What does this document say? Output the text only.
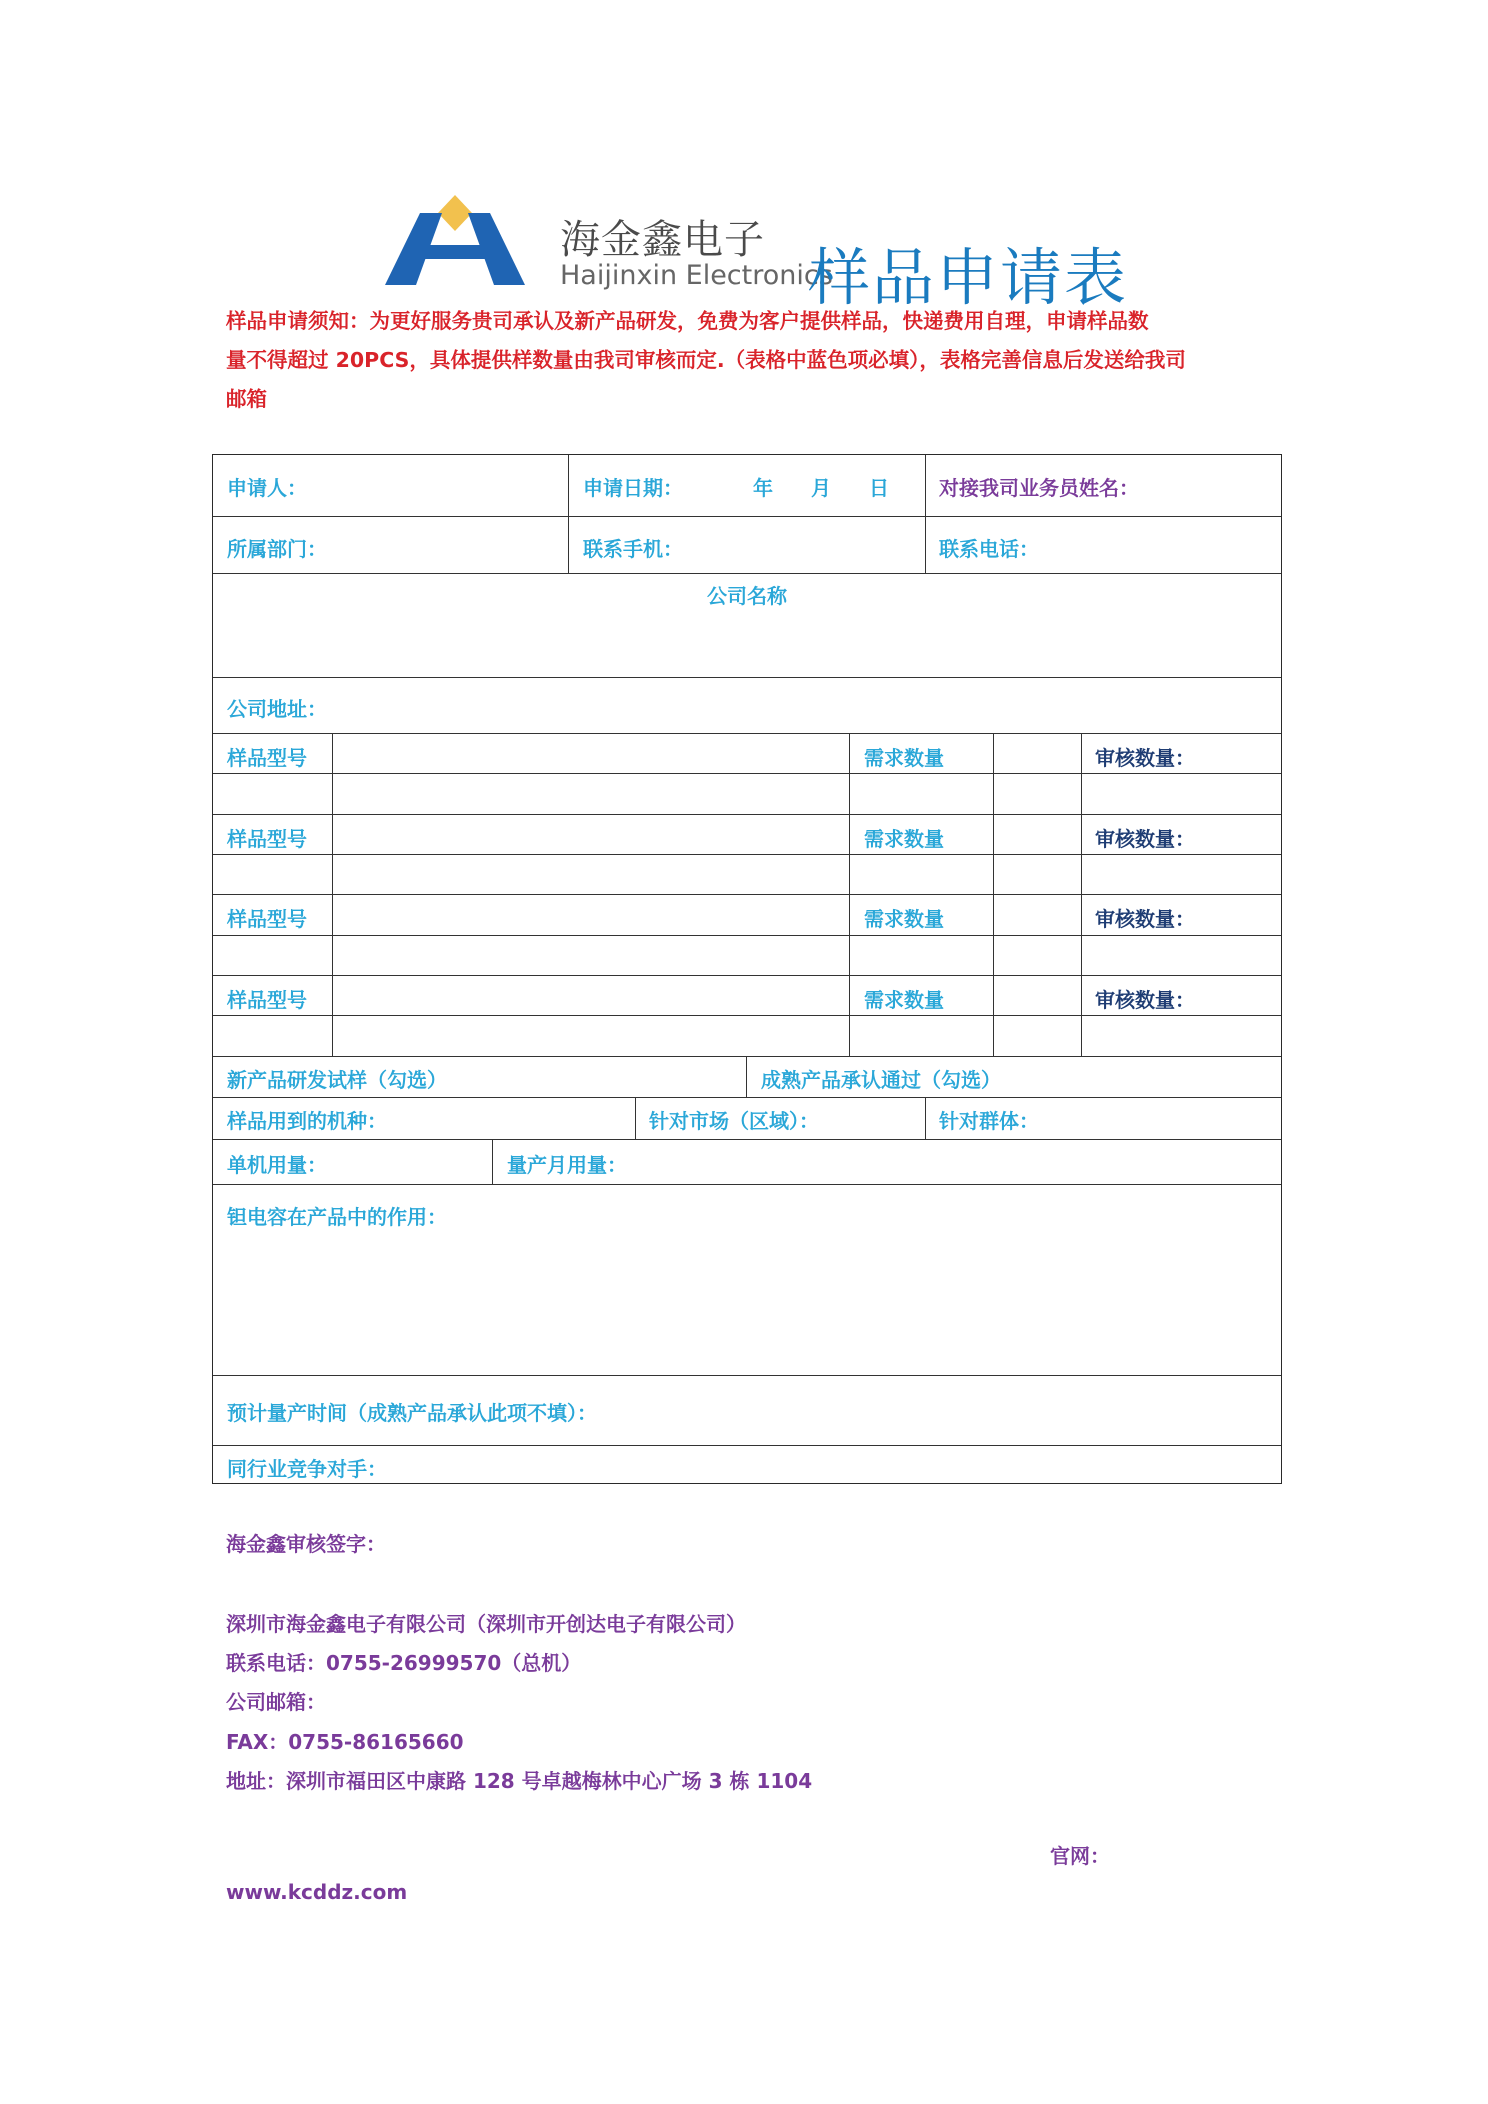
海金鑫电子
Haijinxin Electronics
样品申请表
样品申请须知：为更好服务贵司承认及新产品研发，免费为客户提供样品，快递费用自理，申请样品数
量不得超过 20PCS，具体提供样数量由我司审核而定.（表格中蓝色项必填），表格完善信息后发送给我司
邮箱
申请人：	申请日期：	年 月 日	对接我司业务员姓名：
所属部门：	联系手机：	联系电话：
公司名称
公司地址：
样品型号	需求数量	审核数量：
样品型号	需求数量	审核数量：
样品型号	需求数量	审核数量：
样品型号	需求数量	审核数量：
新产品研发试样（勾选）	成熟产品承认通过（勾选）
样品用到的机种：	针对市场（区域）：	针对群体：
单机用量：	量产月用量：
钽电容在产品中的作用：
预计量产时间（成熟产品承认此项不填）：
同行业竞争对手：
海金鑫审核签字：
深圳市海金鑫电子有限公司（深圳市开创达电子有限公司）
联系电话：0755-26999570（总机）
公司邮箱：
FAX：0755-86165660
地址：深圳市福田区中康路 128 号卓越梅林中心广场 3 栋 1104
官网：
www.kcddz.com
